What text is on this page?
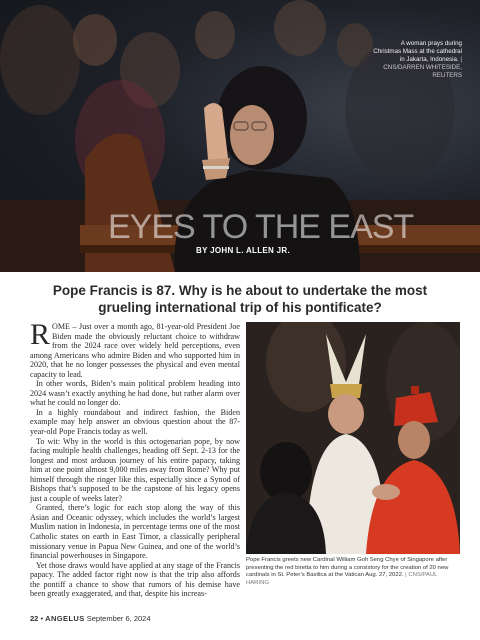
A woman prays during Christmas Mass at the cathedral in Jakarta, Indonesia. | CNS/DARREN WHITESIDE, REUTERS
EYES TO THE EAST
BY JOHN L. ALLEN JR.
Pope Francis is 87. Why is he about to undertake the most grueling international trip of his pontificate?

ROME – Just over a month ago, 81-year-old President Joe Biden made the obviously reluctant choice to withdraw from the 2024 race over widely held perceptions, even among Americans who admire Biden and who supported him in 2020, that he no longer possesses the physical and even mental capacity to lead.

In other words, Biden’s main political problem heading into 2024 wasn’t exactly anything he had done, but rather alarm over what he could no longer do.

In a highly roundabout and indirect fashion, the Biden example may help answer an obvious question about the 87-year-old Pope Francis today as well.

To wit: Why in the world is this octogenarian pope, by now facing multiple health challenges, heading off Sept. 2-13 for the longest and most arduous journey of his entire papacy, taking him at one point almost 9,000 miles away from Rome? Why put himself through the ringer like this, especially since a Synod of Bishops that’s supposed to be the capstone of his legacy opens just a couple of weeks later?

Granted, there’s logic for each stop along the way of this Asian and Oceanic odyssey, which includes the world’s largest Muslim nation in Indonesia, in percentage terms one of the most Catholic states on earth in East Timor, a classically peripheral missionary venue in Papua New Guinea, and one of the world’s financial powerhouses in Singapore.

Yet those draws would have applied at any stage of the Francis papacy. The added factor right now is that the trip also affords the pontiff a chance to show that rumors of his demise have been greatly exaggerated, and that, despite his increas-

Pope Francis greets new Cardinal William Goh Seng Chye of Singapore after presenting the red biretta to him during a consistory for the creation of 20 new cardinals in St. Peter’s Basilica at the Vatican Aug. 27, 2022. | CNS/PAUL HARING
22 • ANGELUS September 6, 2024
